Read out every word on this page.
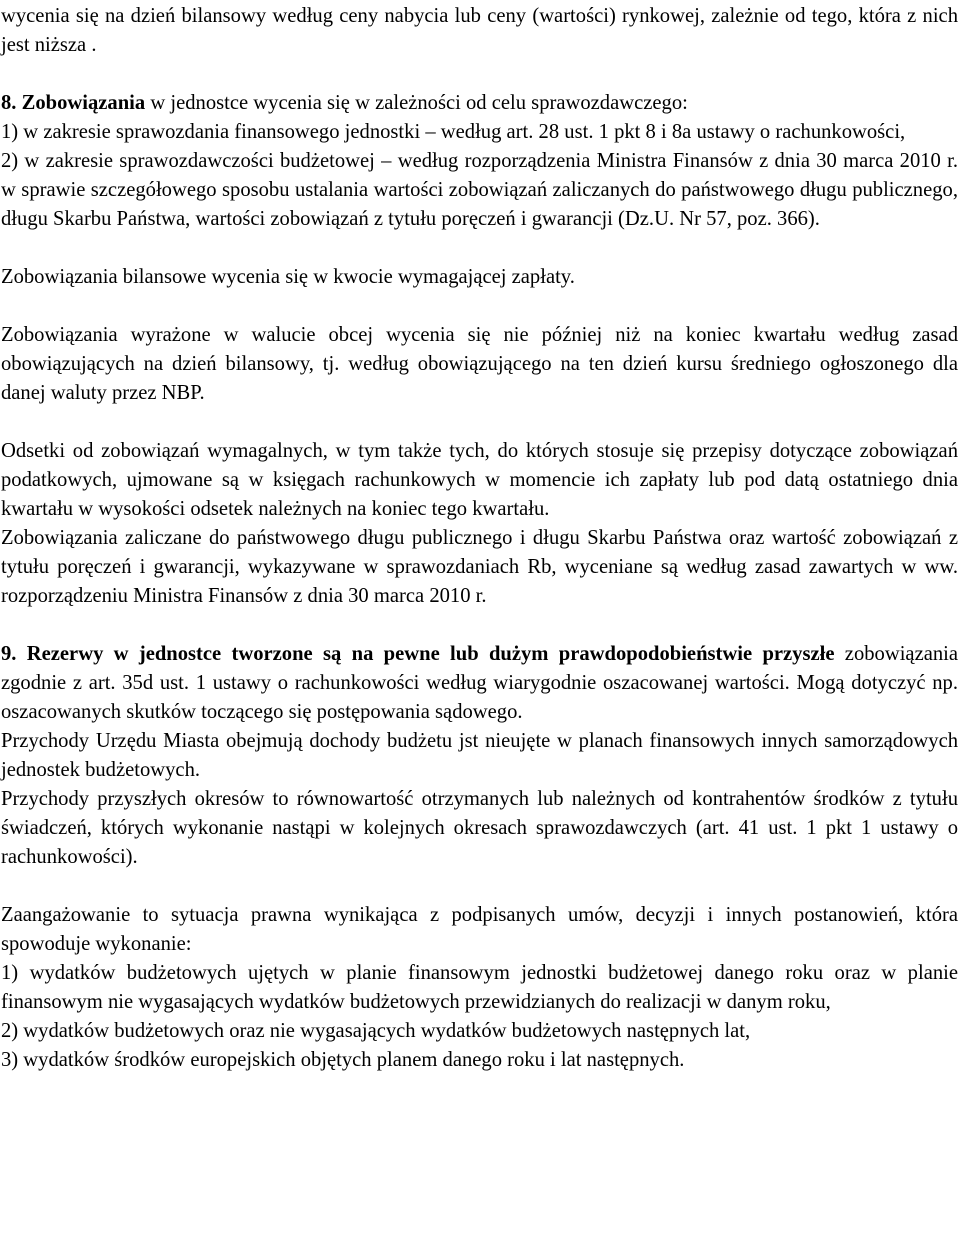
wycenia się na dzień bilansowy według ceny nabycia lub ceny (wartości) rynkowej, zależnie od tego, która z nich jest niższa .

8. Zobowiązania w jednostce wycenia się w zależności od celu sprawozdawczego:

1) w zakresie sprawozdania finansowego jednostki – według art. 28 ust. 1 pkt 8 i 8a ustawy o rachunkowości,

2) w zakresie sprawozdawczości budżetowej – według rozporządzenia Ministra Finansów z dnia 30 marca 2010 r. w sprawie szczegółowego sposobu ustalania wartości zobowiązań zaliczanych do państwowego długu publicznego, długu Skarbu Państwa, wartości zobowiązań z tytułu poręczeń i gwarancji (Dz.U. Nr 57, poz. 366).

Zobowiązania bilansowe wycenia się w kwocie wymagającej zapłaty.

Zobowiązania wyrażone w walucie obcej wycenia się nie później niż na koniec kwartału według zasad obowiązujących na dzień bilansowy, tj. według obowiązującego na ten dzień kursu średniego ogłoszonego dla danej waluty przez NBP.

Odsetki od zobowiązań wymagalnych, w tym także tych, do których stosuje się przepisy dotyczące zobowiązań podatkowych, ujmowane są w księgach rachunkowych w momencie ich zapłaty lub pod datą ostatniego dnia kwartału w wysokości odsetek należnych na koniec tego kwartału.

Zobowiązania zaliczane do państwowego długu publicznego i długu Skarbu Państwa oraz wartość zobowiązań z tytułu poręczeń i gwarancji, wykazywane w sprawozdaniach Rb, wyceniane są według zasad zawartych w ww. rozporządzeniu Ministra Finansów z dnia 30 marca 2010 r.

9. Rezerwy w jednostce tworzone są na pewne lub dużym prawdopodobieństwie przyszłe zobowiązania zgodnie z art. 35d ust. 1 ustawy o rachunkowości według wiarygodnie oszacowanej wartości. Mogą dotyczyć np. oszacowanych skutków toczącego się postępowania sądowego.

Przychody Urzędu Miasta obejmują dochody budżetu jst nieujęte w planach finansowych innych samorządowych jednostek budżetowych.

Przychody przyszłych okresów to równowartość otrzymanych lub należnych od kontrahentów środków z tytułu świadczeń, których wykonanie nastąpi w kolejnych okresach sprawozdawczych (art. 41 ust. 1 pkt 1 ustawy o rachunkowości).

Zaangażowanie to sytuacja prawna wynikająca z podpisanych umów, decyzji i innych postanowień, która spowoduje wykonanie:

1) wydatków budżetowych ujętych w planie finansowym jednostki budżetowej danego roku oraz w planie finansowym nie wygasających wydatków budżetowych przewidzianych do realizacji w danym roku,

2) wydatków budżetowych oraz nie wygasających wydatków budżetowych następnych lat,

3) wydatków środków europejskich objętych planem danego roku i lat następnych.
